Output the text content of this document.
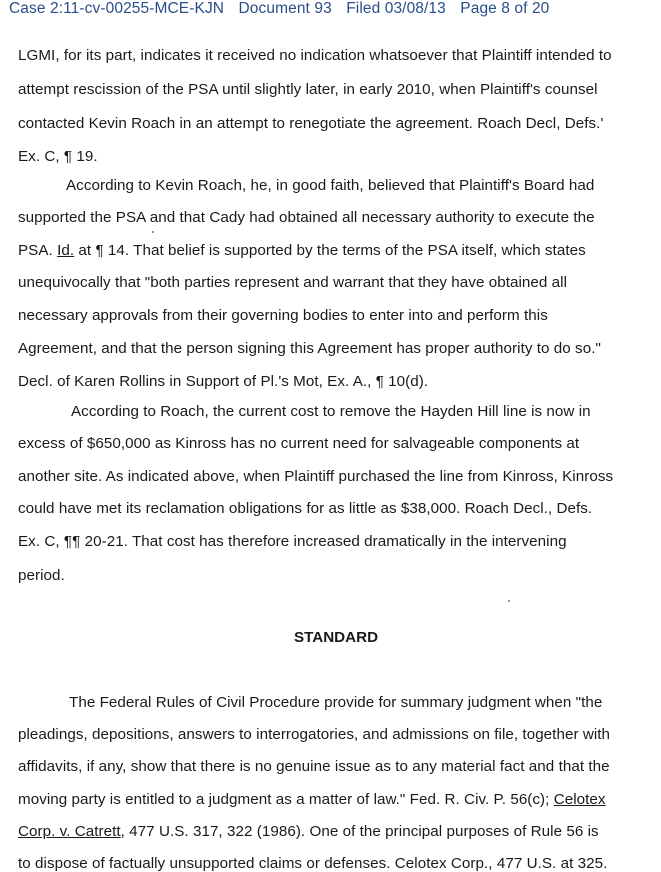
Case 2:11-cv-00255-MCE-KJN Document 93 Filed 03/08/13 Page 8 of 20
LGMI, for its part, indicates it received no indication whatsoever that Plaintiff intended to
attempt rescission of the PSA until slightly later, in early 2010, when Plaintiff's counsel
contacted Kevin Roach in an attempt to renegotiate the agreement. Roach Decl, Defs.'
Ex. C, ¶ 19.
According to Kevin Roach, he, in good faith, believed that Plaintiff's Board had
supported the PSA and that Cady had obtained all necessary authority to execute the
PSA. Id. at ¶ 14. That belief is supported by the terms of the PSA itself, which states
unequivocally that "both parties represent and warrant that they have obtained all
necessary approvals from their governing bodies to enter into and perform this
Agreement, and that the person signing this Agreement has proper authority to do so."
Decl. of Karen Rollins in Support of Pl.'s Mot, Ex. A., ¶ 10(d).
According to Roach, the current cost to remove the Hayden Hill line is now in
excess of $650,000 as Kinross has no current need for salvageable components at
another site. As indicated above, when Plaintiff purchased the line from Kinross, Kinross
could have met its reclamation obligations for as little as $38,000. Roach Decl., Defs.
Ex. C, ¶¶ 20-21. That cost has therefore increased dramatically in the intervening
period.
STANDARD
The Federal Rules of Civil Procedure provide for summary judgment when "the
pleadings, depositions, answers to interrogatories, and admissions on file, together with
affidavits, if any, show that there is no genuine issue as to any material fact and that the
moving party is entitled to a judgment as a matter of law." Fed. R. Civ. P. 56(c); Celotex
Corp. v. Catrett, 477 U.S. 317, 322 (1986). One of the principal purposes of Rule 56 is
to dispose of factually unsupported claims or defenses. Celotex Corp., 477 U.S. at 325.
